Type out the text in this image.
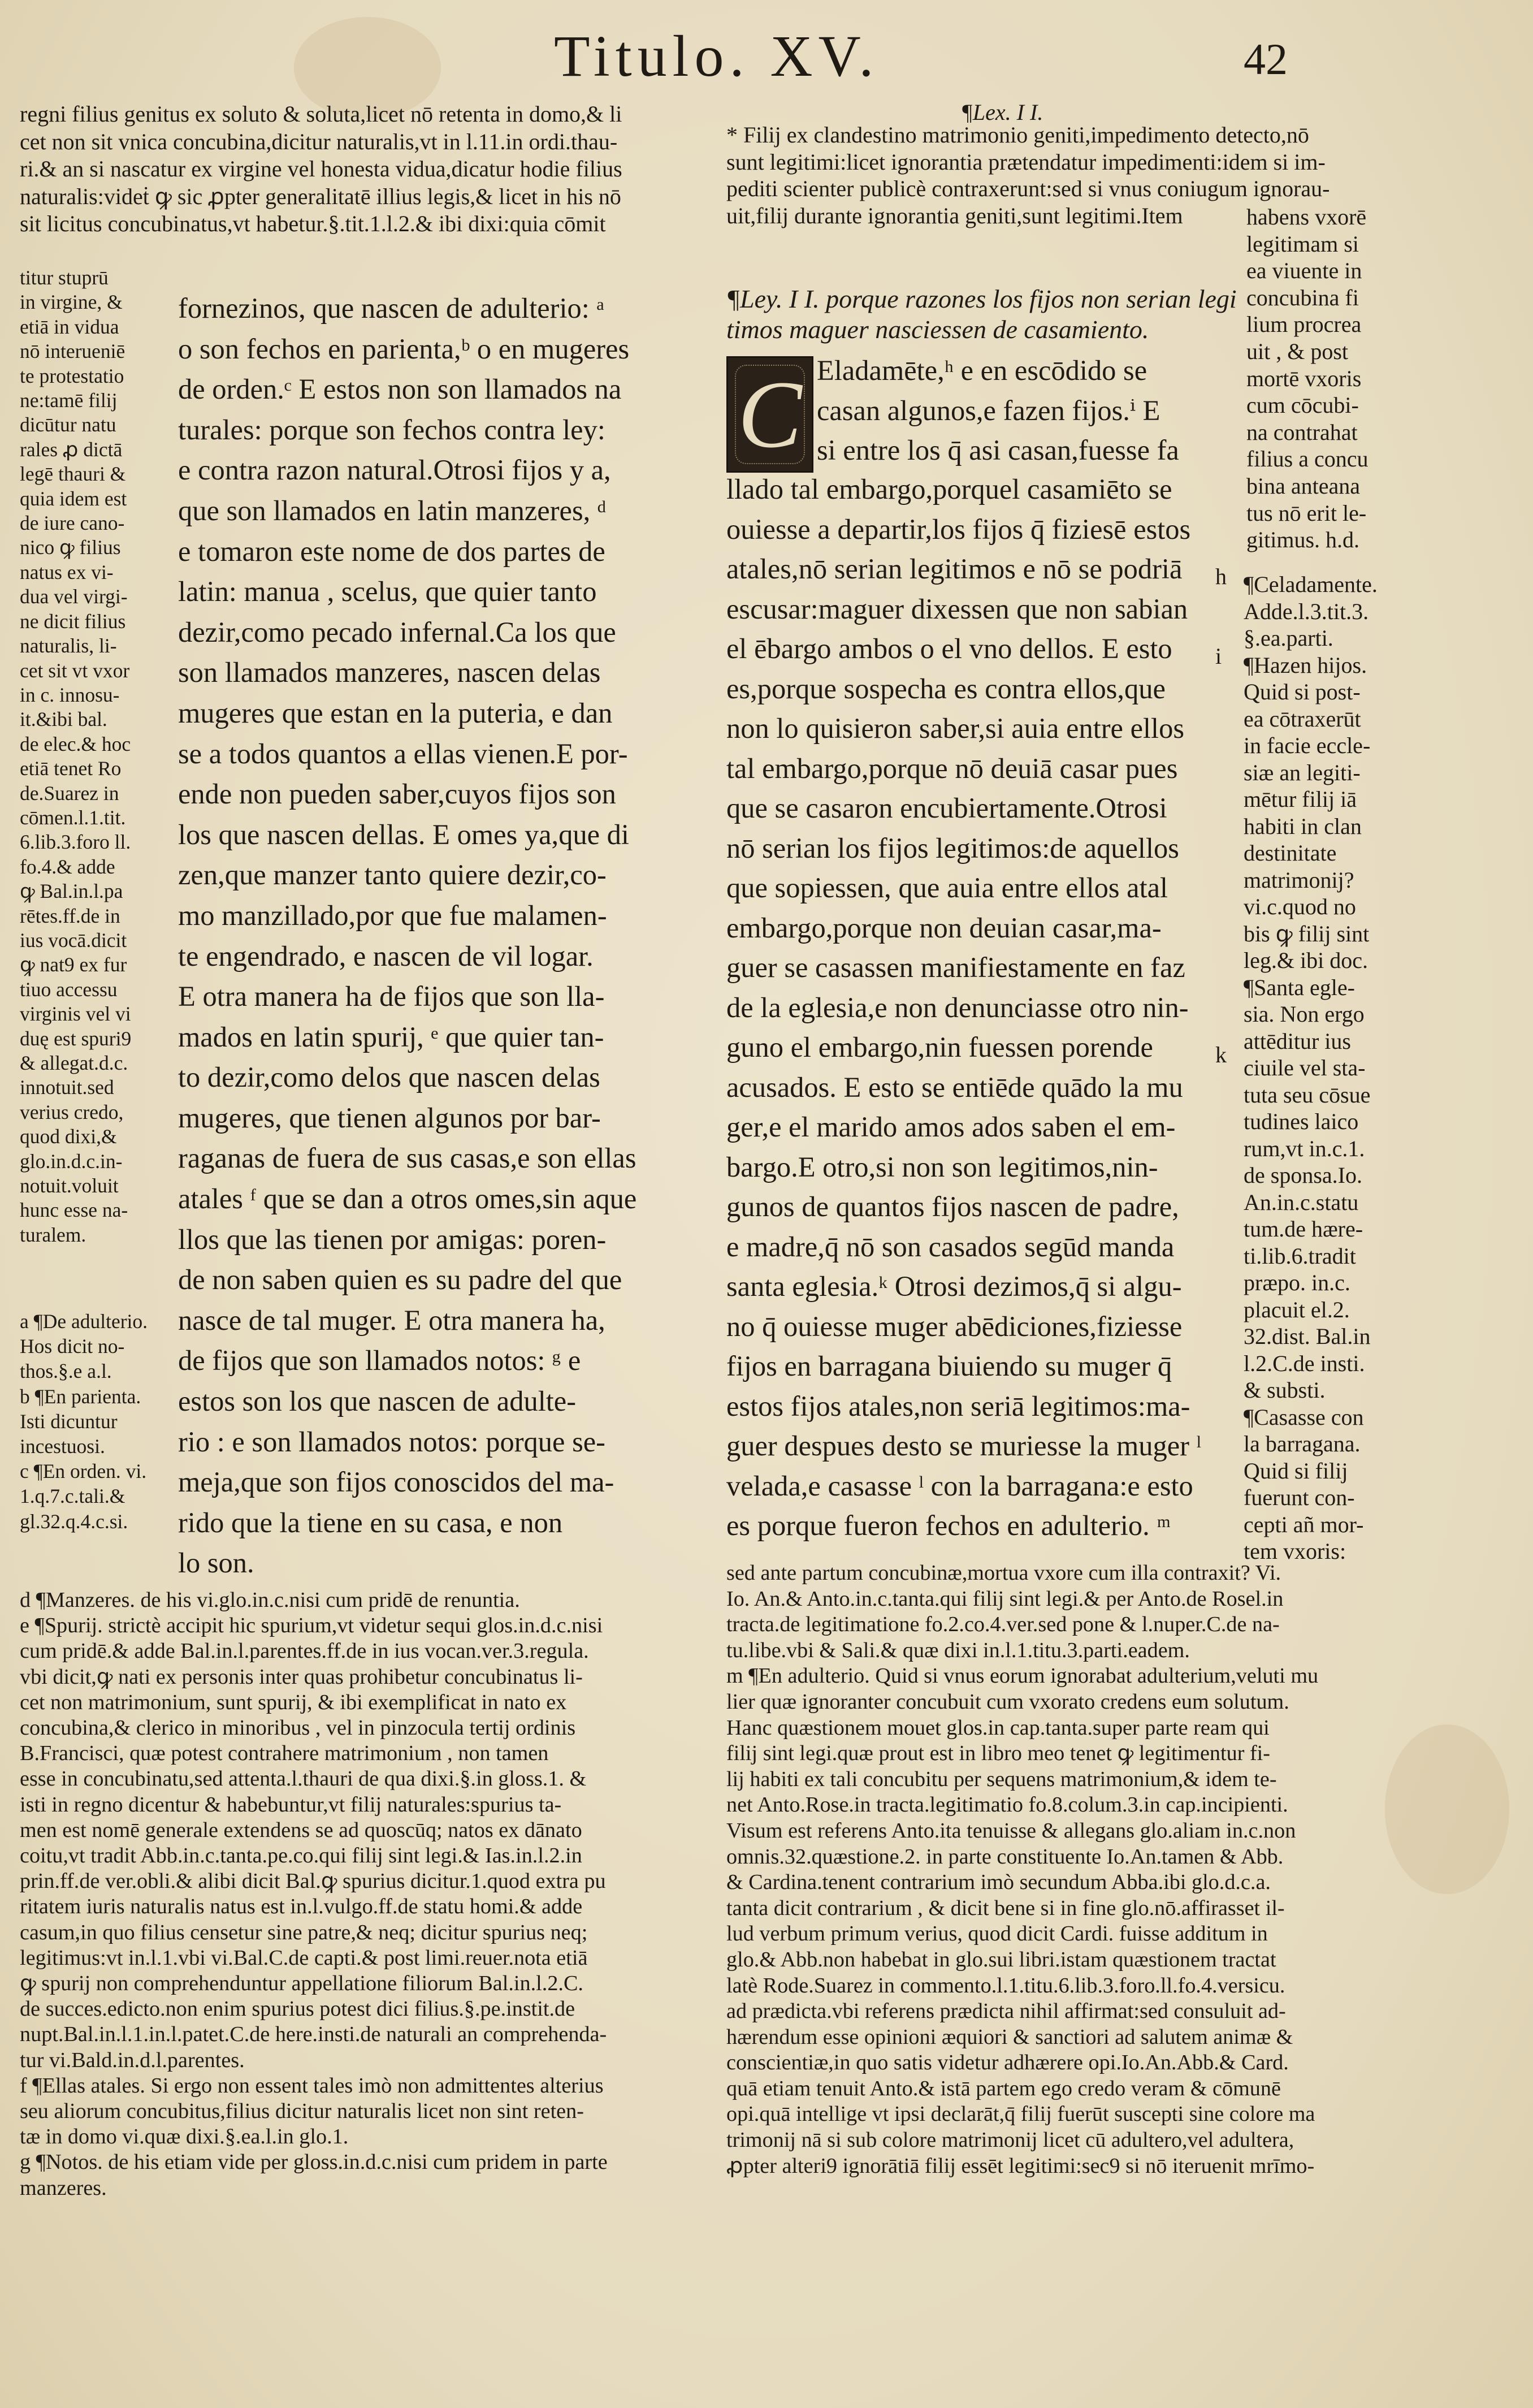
Titulo. XV.	42
¶Lex. I I.
regni filius genitus ex soluto & soluta,licet nō retenta in domo,& li
cet non sit vnica concubina,dicitur naturalis,vt in l.11.in ordi.thau-
ri.& an si nascatur ex virgine vel honesta vidua,dicatur hodie filius
naturalis:videṫ ꝙ sic ꝓpter generalitatē illius legis,& licet in his nō
sit licitus concubinatus,vt habetur.§.tit.1.l.2.& ibi dixi:quia cōmit
titur stuprū
in virgine, &
etiā in vidua
nō interueniē
te protestatio
ne:tamē filij
dicūtur natu
rales ꝓ dictā
legē thauri &
quia idem est
de iure cano-
nico ꝙ filius
natus ex vi-
dua vel virgi-
ne dicit filius
naturalis, li-
cet sit vt vxor
in c. innosu-
it.&ibi bal.
de elec.& hoc
etiā tenet Ro
de.Suarez in
cōmen.l.1.tit.
6.lib.3.foro ll.
fo.4.& adde
ꝙ Bal.in.l.pa
rētes.ff.de in
ius vocā.dicit
ꝙ nat9 ex fur
tiuo accessu
virginis vel vi
duę est spuri9
& allegat.d.c.
innotuit.sed
verius credo,
quod dixi,&
glo.in.d.c.in-
notuit.voluit
hunc esse na-
turalem.
fornezinos, que nascen de adulterio: ᵃ
o son fechos en parienta,ᵇ o en mugeres
de orden.ᶜ E estos non son llamados na
turales: porque son fechos contra ley:
e contra razon natural.Otrosi fijos y a,
que son llamados en latin manzeres, ᵈ
e tomaron este nome de dos partes de
latin: manua , scelus, que quier tanto
dezir,como pecado infernal.Ca los que
son llamados manzeres, nascen delas
mugeres que estan en la puteria, e dan
se a todos quantos a ellas vienen.E por-
ende non pueden saber,cuyos fijos son
los que nascen dellas. E omes ya,que di
zen,que manzer tanto quiere dezir,co-
mo manzillado,por que fue malamen-
te engendrado, e nascen de vil logar.
E otra manera ha de fijos que son lla-
mados en latin spurij, ᵉ que quier tan-
to dezir,como delos que nascen delas
mugeres, que tienen algunos por bar-
raganas de fuera de sus casas,e son ellas
atales ᶠ que se dan a otros omes,sin aque
llos que las tienen por amigas: poren-
de non saben quien es su padre del que
nasce de tal muger. E otra manera ha,
de fijos que son llamados notos: ᵍ e
estos son los que nascen de adulte-
rio : e son llamados notos: porque se-
meja,que son fijos conoscidos del ma-
rido que la tiene en su casa, e non
lo son.
a ¶De adulterio.
Hos dicit no-
thos.§.e a.l.
b ¶En parienta.
Isti dicuntur
incestuosi.
c ¶En orden. vi.
1.q.7.c.tali.&
gl.32.q.4.c.si.
d ¶Manzeres. de his vi.glo.in.c.nisi cum pridē de renuntia.
e ¶Spurij. strictè accipit hic spurium,vt videtur sequi glos.in.d.c.nisi
cum pridē.& adde Bal.in.l.parentes.ff.de in ius vocan.ver.3.regula.
vbi dicit,ꝙ nati ex personis inter quas prohibetur concubinatus li-
cet non matrimonium, sunt spurij, & ibi exemplificat in nato ex
concubina,& clerico in minoribus , vel in pinzocula tertij ordinis
B.Francisci, quæ potest contrahere matrimonium , non tamen
esse in concubinatu,sed attenta.l.thauri de qua dixi.§.in gloss.1. &
isti in regno dicentur & habebuntur,vt filij naturales:spurius ta-
men est nomē generale extendens se ad quoscūq; natos ex dānato
coitu,vt tradit Abb.in.c.tanta.pe.co.qui filij sint legi.& Ias.in.l.2.in
prin.ff.de ver.obli.& alibi dicit Bal.ꝙ spurius dicitur.1.quod extra pu
ritatem iuris naturalis natus est in.l.vulgo.ff.de statu homi.& adde
casum,in quo filius censetur sine patre,& neq; dicitur spurius neq;
legitimus:vt in.l.1.vbi vi.Bal.C.de capti.& post limi.reuer.nota etiā
ꝙ spurij non comprehenduntur appellatione filiorum Bal.in.l.2.C.
de succes.edicto.non enim spurius potest dici filius.§.pe.instit.de
nupt.Bal.in.l.1.in.l.patet.C.de here.insti.de naturali an comprehenda-
tur vi.Bald.in.d.l.parentes.
f ¶Ellas atales. Si ergo non essent tales imò non admittentes alterius
seu aliorum concubitus,filius dicitur naturalis licet non sint reten-
tæ in domo vi.quæ dixi.§.ea.l.in glo.1.
g ¶Notos. de his etiam vide per gloss.in.d.c.nisi cum pridem in parte
manzeres.
* Filij ex clandestino matrimonio geniti,impedimento detecto,nō
sunt legitimi:licet ignorantia prætendatur impedimenti:idem si im-
pediti scienter publicè contraxerunt:sed si vnus coniugum ignorau-
uit,filij durante ignorantia geniti,sunt legitimi.Item	habens vxorē
legitimam si
ea viuente in
concubina fi
lium procrea
uit , & post
mortē vxoris
cum cōcubi-
na contrahat
filius a concu
bina anteana
tus nō erit le-
gitimus. h.d.
¶Ley. I I. porque razones los fijos non serian legi
timos maguer nasciessen de casamiento.
C Eladamēte,ʰ e en escōdido se
casan algunos,e fazen fijos.ⁱ E
si entre los q̄ asi casan,fuesse fa
llado tal embargo,porquel casamiēto se
ouiesse a departir,los fijos q̄ fiziesē estos
atales,nō serian legitimos e nō se podriā
escusar:maguer dixessen que non sabian
el ēbargo ambos o el vno dellos. E esto
es,porque sospecha es contra ellos,que
non lo quisieron saber,si auia entre ellos
tal embargo,porque nō deuiā casar pues
que se casaron encubiertamente.Otrosi
nō serian los fijos legitimos:de aquellos
que sopiessen, que auia entre ellos atal
embargo,porque non deuian casar,ma-
guer se casassen manifiestamente en faz
de la eglesia,e non denunciasse otro nin-
guno el embargo,nin fuessen porende
acusados. E esto se entiēde quādo la mu
ger,e el marido amos ados saben el em-
bargo.E otro,si non son legitimos,nin-
gunos de quantos fijos nascen de padre,
e madre,q̄ nō son casados segūd manda
santa eglesia.ᵏ Otrosi dezimos,q̄ si algu-
no q̄ ouiesse muger abēdiciones,fiziesse
fijos en barragana biuiendo su muger q̄
estos fijos atales,non seriā legitimos:ma-
guer despues desto se muriesse la muger ˡ
velada,e casasse ˡ con la barragana:e esto
es porque fueron fechos en adulterio. ᵐ
h

i

k
¶Celadamente.
Adde.l.3.tit.3.
§.ea.parti.
¶Hazen hijos.
Quid si post-
ea cōtraxerūt
in facie eccle-
siæ an legiti-
mētur filij iā
habiti in clan
destinitate
matrimonij?
vi.c.quod no
bis ꝙ filij sint
leg.& ibi doc.
¶Santa egle-
sia. Non ergo
attēditur ius
ciuile vel sta-
tuta seu cōsue
tudines laico
rum,vt in.c.1.
de sponsa.Io.
An.in.c.statu
tum.de hære-
ti.lib.6.tradit
præpo. in.c.
placuit el.2.
32.dist. Bal.in
l.2.C.de insti.
& substi.
¶Casasse con
la barragana.
Quid si filij
fuerunt con-
cepti añ mor-
tem vxoris:
sed ante partum concubinæ,mortua vxore cum illa contraxit? Vi.
Io. An.& Anto.in.c.tanta.qui filij sint legi.& per Anto.de Rosel.in
tracta.de legitimatione fo.2.co.4.ver.sed pone & l.nuper.C.de na-
tu.libe.vbi & Sali.& quæ dixi in.l.1.titu.3.parti.eadem.
m ¶En adulterio. Quid si vnus eorum ignorabat adulterium,veluti mu
lier quæ ignoranter concubuit cum vxorato credens eum solutum.
Hanc quæstionem mouet glos.in cap.tanta.super parte ream qui
filij sint legi.quæ prout est in libro meo tenet ꝙ legitimentur fi-
lij habiti ex tali concubitu per sequens matrimonium,& idem te-
net Anto.Rose.in tracta.legitimatio fo.8.colum.3.in cap.incipienti.
Visum est referens Anto.ita tenuisse & allegans glo.aliam in.c.non
omnis.32.quæstione.2. in parte constituente Io.An.tamen & Abb.
& Cardina.tenent contrarium imò secundum Abba.ibi glo.d.c.a.
tanta dicit contrarium , & dicit bene si in fine glo.nō.affirasset il-
lud verbum primum verius, quod dicit Cardi. fuisse additum in
glo.& Abb.non habebat in glo.sui libri.istam quæstionem tractat
latè Rode.Suarez in commento.l.1.titu.6.lib.3.foro.ll.fo.4.versicu.
ad prædicta.vbi referens prædicta nihil affirmat:sed consuluit ad-
hærendum esse opinioni æquiori & sanctiori ad salutem animæ &
conscientiæ,in quo satis videtur adhærere opi.Io.An.Abb.& Card.
quā etiam tenuit Anto.& istā partem ego credo veram & cōmunē
opi.quā intellige vt ipsi declarāt,q̄ filij fuerūt suscepti sine colore ma
trimonij nā si sub colore matrimonij licet cū adultero,vel adultera,
ꝓpter alteri9 ignorātiā filij essēt legitimi:sec9 si nō iteruenit mrīmo-
